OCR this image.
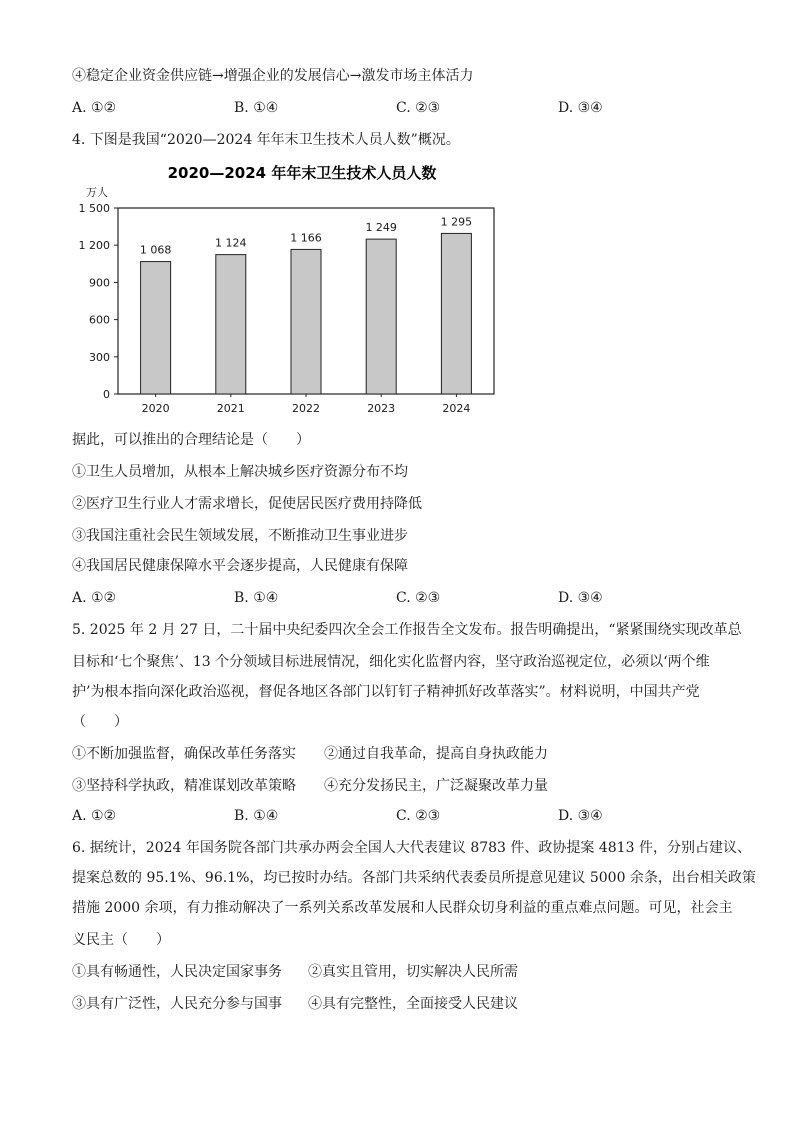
④稳定企业资金供应链→增强企业的发展信心→激发市场主体活力
A. ①②	B. ①④	C. ②③	D. ③④
4. 下图是我国“2020—2024 年年末卫生技术人员人数”概况。
2020—2024 年年末卫生技术人员人数
万人
0
300
600
900
1 200
1 500
1 068
2020
1 124
2021
1 166
2022
1 249
2023
1 295
2024
据此，可以推出的合理结论是（　　）
①卫生人员增加，从根本上解决城乡医疗资源分布不均
②医疗卫生行业人才需求增长，促使居民医疗费用持降低
③我国注重社会民生领域发展，不断推动卫生事业进步
④我国居民健康保障水平会逐步提高，人民健康有保障
A. ①②	B. ①④	C. ②③	D. ③④
5. 2025 年 2 月 27 日，二十届中央纪委四次全会工作报告全文发布。报告明确提出，“紧紧围绕实现改革总
目标和‘七个聚焦’、13 个分领域目标进展情况，细化实化监督内容，坚守政治巡视定位，必须以‘两个维
护’为根本指向深化政治巡视，督促各地区各部门以钉钉子精神抓好改革落实”。材料说明，中国共产党
（　　）
①不断加强监督，确保改革任务落实 ②通过自我革命，提高自身执政能力
③坚持科学执政，精准谋划改革策略 ④充分发扬民主，广泛凝聚改革力量
A. ①②	B. ①④	C. ②③	D. ③④
6. 据统计，2024 年国务院各部门共承办两会全国人大代表建议 8783 件、政协提案 4813 件，分别占建议、
提案总数的 95.1%、96.1%，均已按时办结。各部门共采纳代表委员所提意见建议 5000 余条，出台相关政策
措施 2000 余项，有力推动解决了一系列关系改革发展和人民群众切身利益的重点难点问题。可见，社会主
义民主（　　）
①具有畅通性，人民决定国家事务 ②真实且管用，切实解决人民所需
③具有广泛性，人民充分参与国事 ④具有完整性，全面接受人民建议
